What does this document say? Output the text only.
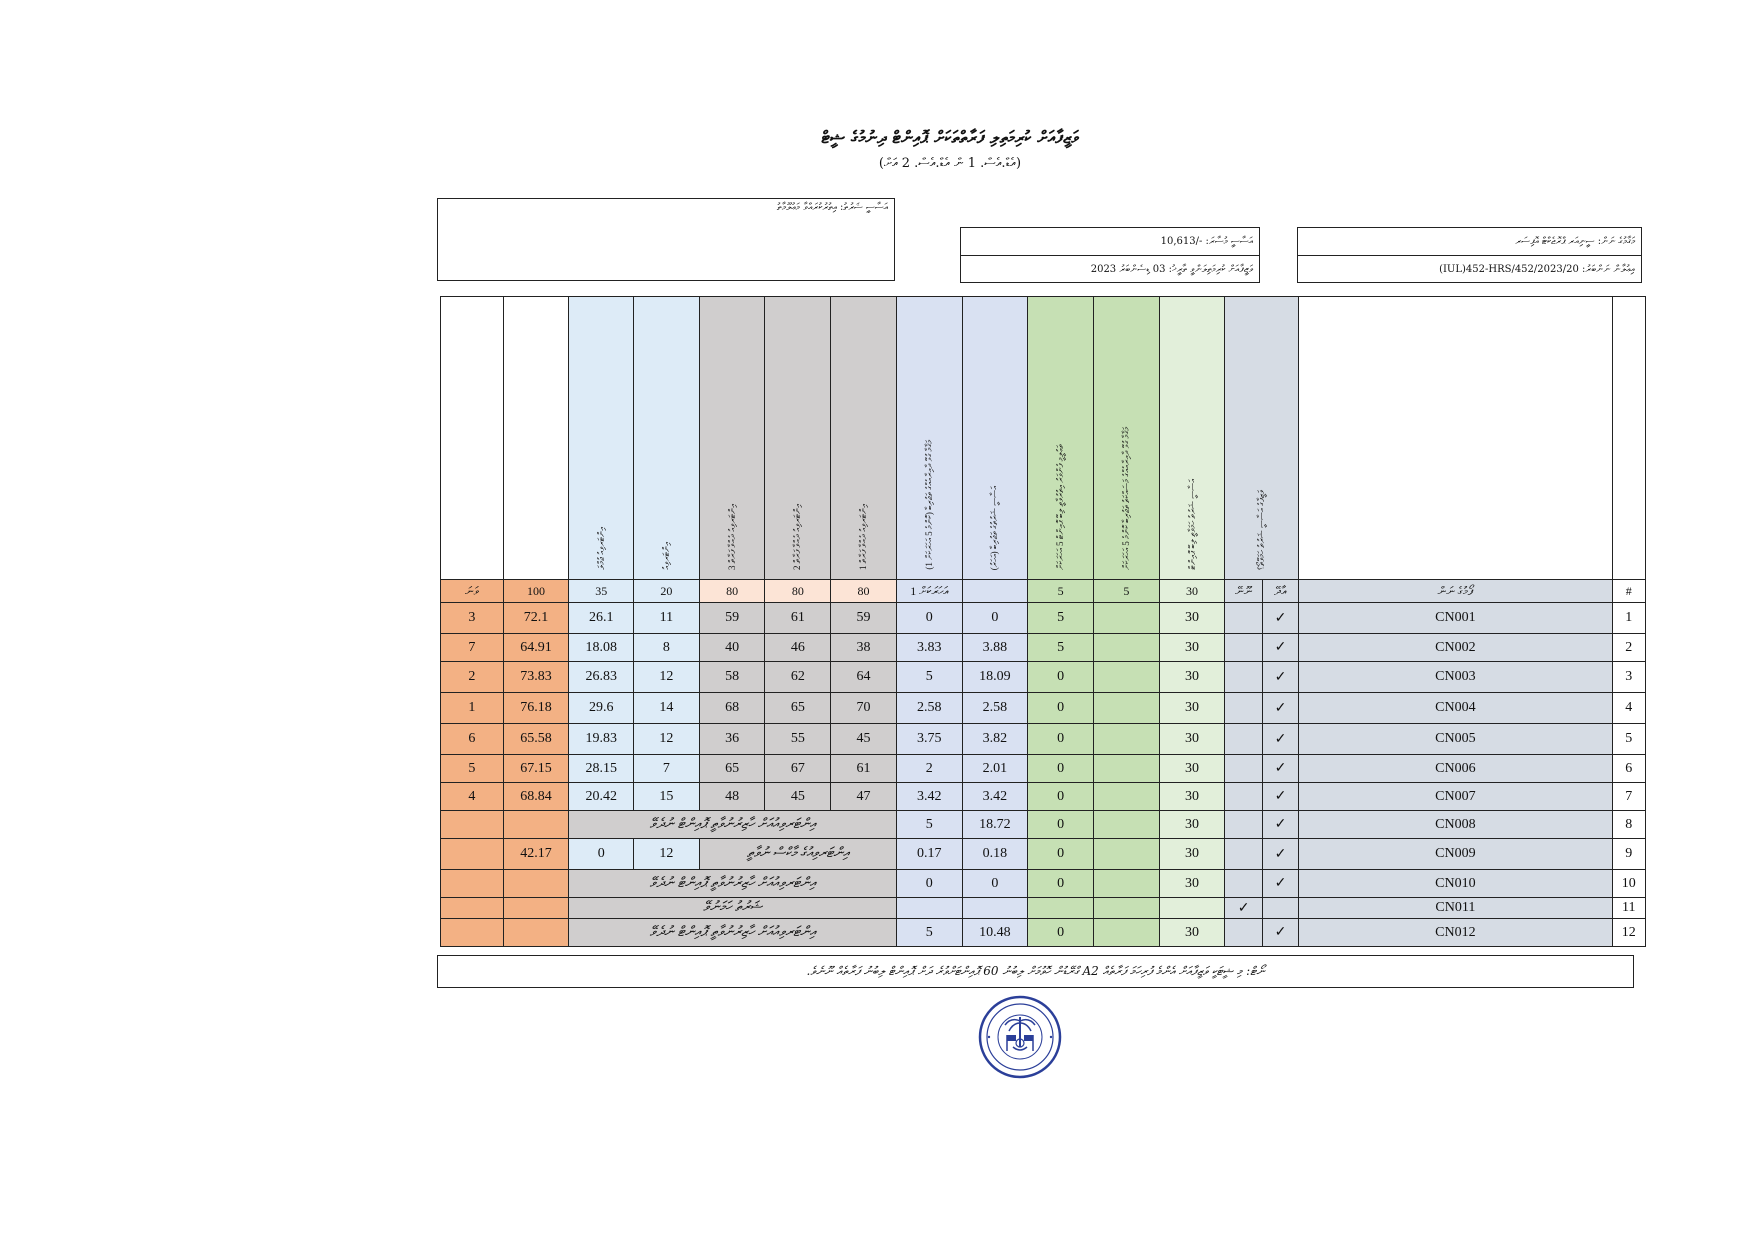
ވަޒީފާއަށް ކުރިމަތިލި ފަރާތްތަކަށް ޕޮއިންޓް ދިނުމުގެ ޝީޓް
(އެޑް.އެސް. 1 ން އެޑް.އެސް. 2 އަށް)
އަސާސީ ޝަރުތު: އިތުރުކުރައްވާ މަޢުލޫމާތު
އަސާސީ މުސާރަ: -/10,613
ވަޒީފާއަށް ކުރިމަތިލަންވީ ތާރީޚު: 03 ޑިސެންބަރު 2023
މަޤާމުގެ ނަން: ސީނިއަރ ޕްރޮޖެކްޓް އޮފިސަރ
އިޢުލާން ނަންބަރު: IUL)452-HRS/452/2023/20)
		އިންޓަރވިއު ޖުމްލަ	އިންޓަރވިއު	އިންޓަރވިއު ދެއްވާ ފަރާތް 3	އިންޓަރވިއު ދެއްވާ ފަރާތް 2	އިންޓަރވިއު ދެއްވާ ފަރާތް 1	މަޤާމާ ގުޅޭ ދާއިރާއެއްގެ ތަޖުރިބާ (ކޮންމެ 5 އަހަރަކަށް 1)	އަސާސީ ޝަރުތުގެ ތަޖުރިބާ (އަހަރު)	ތަޢުލީމީ ފެންވަރު އިތުރުވާތީ ލިބޭ ޕޮއިންޓް 5 އަހަރަކަށް	މަޤާމާ ގުޅޭ ދާއިރާއެއްގެ މަސައްކަތު ތަޖުރިބާ ކޮންމެ 5 އަހަރަކަށް	އަސާސީ ޝަރުތު ހަމަވާތީ ލިބޭ ޕޮއިންޓް	ވަޒީފާގެ އަސާސީ ޝަރުތު ހަމަވޭތޯ؟			
ވަނަ	100	35	20	80	80	80	އަހަރަކަށް 1		5	5	30	ނޫނޭ	އާދޭ	ފޯމުގެ ނަން	#
3	72.1	26.1	11	59	61	59	0	0	5		30		✓	CN001	1
7	64.91	18.08	8	40	46	38	3.83	3.88	5		30		✓	CN002	2
2	73.83	26.83	12	58	62	64	5	18.09	0		30		✓	CN003	3
1	76.18	29.6	14	68	65	70	2.58	2.58	0		30		✓	CN004	4
6	65.58	19.83	12	36	55	45	3.75	3.82	0		30		✓	CN005	5
5	67.15	28.15	7	65	67	61	2	2.01	0		30		✓	CN006	6
4	68.84	20.42	15	48	45	47	3.42	3.42	0		30		✓	CN007	7
		އިންޓަރވިއުއަށް ހާޒިރުނުވާތީ ޕޮއިންޓް ނުދެވޭ					5	18.72	0		30		✓	CN008	8
	42.17	0	12	އިންޓަރވިއުގެ މާކްސް ނުވާތީ			0.17	0.18	0		30		✓	CN009	9
		އިންޓަރވިއުއަށް ހާޒިރުނުވާތީ ޕޮއިންޓް ނުދެވޭ					0	0	0		30		✓	CN010	10
		ޝަރުތު ހަމަނުވޭ										✓		CN011	11
		އިންޓަރވިއުއަށް ހާޒިރުނުވާތީ ޕޮއިންޓް ނުދެވޭ					5	10.48	0		30		✓	CN012	12
ނޯޓް: މި ޝީޓަކީ ވަޒީފާއަށް އެންމެ ފުރިހަމަ ފަރާތެއް A2 ގްރޭޑުން ހޮވުމަށް ލިބުނު 60 ޕޮއިންޓަށްވުރެ ދަށް ޕޮއިންޓް ލިބުނު ފަރާތެއް ނޫނެވެ.
